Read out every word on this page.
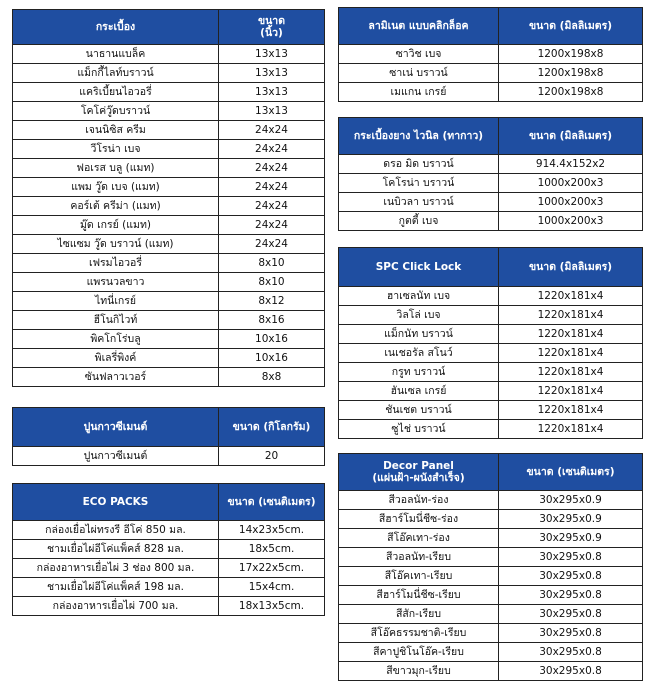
กระเบื้อง	ขนาด
(นิ้ว)
นาธานแบล็ค	13x13
แม็กกี้ไลท์บราวน์	13x13
แคริเบี้ยนไอวอรี่	13x13
โคโค่วู๊ดบราวน์	13x13
เจนนิซิส ครีม	24x24
วีโรน่า เบจ	24x24
ฟอเรส บลู (แมท)	24x24
แพม วู๊ด เบจ (แมท)	24x24
คอร์เต้ ครีม่า (แมท)	24x24
มู๊ด เกรย์ (แมท)	24x24
ไซแซม วู๊ด บราวน์ (แมท)	24x24
เฟรมไอวอรี่	8x10
แพรนวลขาว	8x10
ไทนี่เกรย์	8x12
ฮีโนกิไวท์	8x16
พิคโกโร่บลู	10x16
พิเลรี่พิงค์	10x16
ซันฟลาวเวอร์	8x8
ปูนกาวซีเมนต์	ขนาด (กิโลกรัม)
ปูนกาวซีเมนต์	20
ECO PACKS	ขนาด (เซนติเมตร)
กล่องเยื่อไผ่ทรงรี อีโค่ 850 มล.	14x23x5cm.
ชามเยื่อไผ่อีโค่แพ็คส์ 828 มล.	18x5cm.
กล่องอาหารเยื่อไผ่ 3 ช่อง 800 มล.	17x22x5cm.
ชามเยื่อไผ่อีโค่แพ็คส์ 198 มล.	15x4cm.
กล่องอาหารเยื่อไผ่ 700 มล.	18x13x5cm.
ลามิเนต แบบคลิกล็อค	ขนาด (มิลลิเมตร)
ซาวิช เบจ	1200x198x8
ซาเน่ บราวน์	1200x198x8
เมแกน เกรย์	1200x198x8
กระเบื้องยาง ไวนิล (ทากาว)	ขนาด (มิลลิเมตร)
ดรอ มิด บราวน์	914.4x152x2
โคโรน่า บราวน์	1000x200x3
เนบิวลา บราวน์	1000x200x3
กูตตี้ เบจ	1000x200x3
SPC Click Lock	ขนาด (มิลลิเมตร)
ฮาเซลนัท เบจ	1220x181x4
วิลโล่ เบจ	1220x181x4
แม็กนัท บราวน์	1220x181x4
เนเชอรัล สโนว์	1220x181x4
กรูท บราวน์	1220x181x4
ฮันเซล เกรย์	1220x181x4
ชันเชต บราวน์	1220x181x4
ซูไช่ บราวน์	1220x181x4
Decor Panel
(แผ่นฝ้า-ผนังสำเร็จ)	ขนาด (เซนติเมตร)
สีวอลนัท-ร่อง	30x295x0.9
สีฮาร์โมนี่ชีซ-ร่อง	30x295x0.9
สีโอ๊คเทา-ร่อง	30x295x0.9
สีวอลนัท-เรียบ	30x295x0.8
สีโอ๊คเทา-เรียบ	30x295x0.8
สีฮาร์โมนี่ชีซ-เรียบ	30x295x0.8
สีสัก-เรียบ	30x295x0.8
สีโอ๊คธรรมชาติ-เรียบ	30x295x0.8
สีคาปูชิโนโอ๊ค-เรียบ	30x295x0.8
สีขาวมุก-เรียบ	30x295x0.8
